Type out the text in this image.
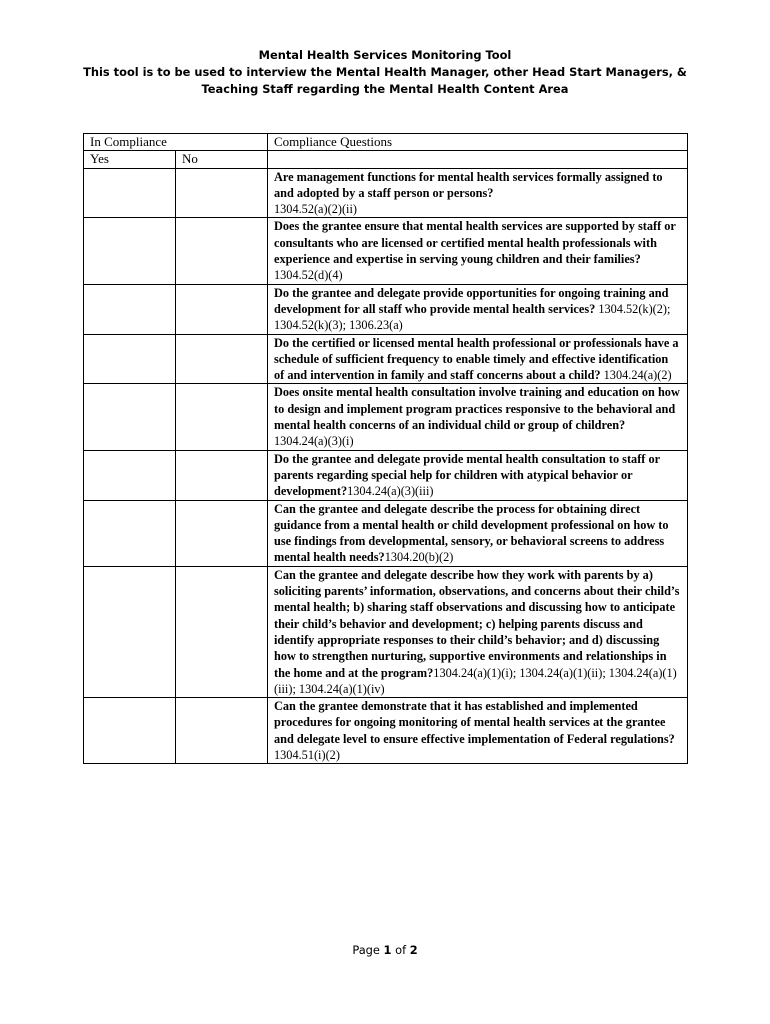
Mental Health Services Monitoring Tool
This tool is to be used to interview the Mental Health Manager, other Head Start Managers, &
Teaching Staff regarding the Mental Health Content Area
In Compliance		Compliance Questions
Yes	No	
		Are management functions for mental health services formally assigned to and adopted by a staff person or persons?
1304.52(a)(2)(ii)
		Does the grantee ensure that mental health services are supported by staff or consultants who are licensed or certified mental health professionals with experience and expertise in serving young children and their families?1304.52(d)(4)
		Do the grantee and delegate provide opportunities for ongoing training and development for all staff who provide mental health services? 1304.52(k)(2); 1304.52(k)(3); 1306.23(a)
		Do the certified or licensed mental health professional or professionals have a schedule of sufficient frequency to enable timely and effective identification of and intervention in family and staff concerns about a child? 1304.24(a)(2)
		Does onsite mental health consultation involve training and education on how to design and implement program practices responsive to the behavioral and mental health concerns of an individual child or group of children? 1304.24(a)(3)(i)
		Do the grantee and delegate provide mental health consultation to staff or parents regarding special help for children with atypical behavior or development?1304.24(a)(3)(iii)
		Can the grantee and delegate describe the process for obtaining direct guidance from a mental health or child development professional on how to use findings from developmental, sensory, or behavioral screens to address mental health needs?1304.20(b)(2)
		Can the grantee and delegate describe how they work with parents by a) soliciting parents’ information, observations, and concerns about their child’s mental health; b) sharing staff observations and discussing how to anticipate their child’s behavior and development; c) helping parents discuss and identify appropriate responses to their child’s behavior; and d) discussing how to strengthen nurturing, supportive environments and relationships in the home and at the program?1304.24(a)(1)(i); 1304.24(a)(1)(ii); 1304.24(a)(1)(iii); 1304.24(a)(1)(iv)
		Can the grantee demonstrate that it has established and implemented procedures for ongoing monitoring of mental health services at the grantee and delegate level to ensure effective implementation of Federal regulations? 1304.51(i)(2)
Page 1 of 2
